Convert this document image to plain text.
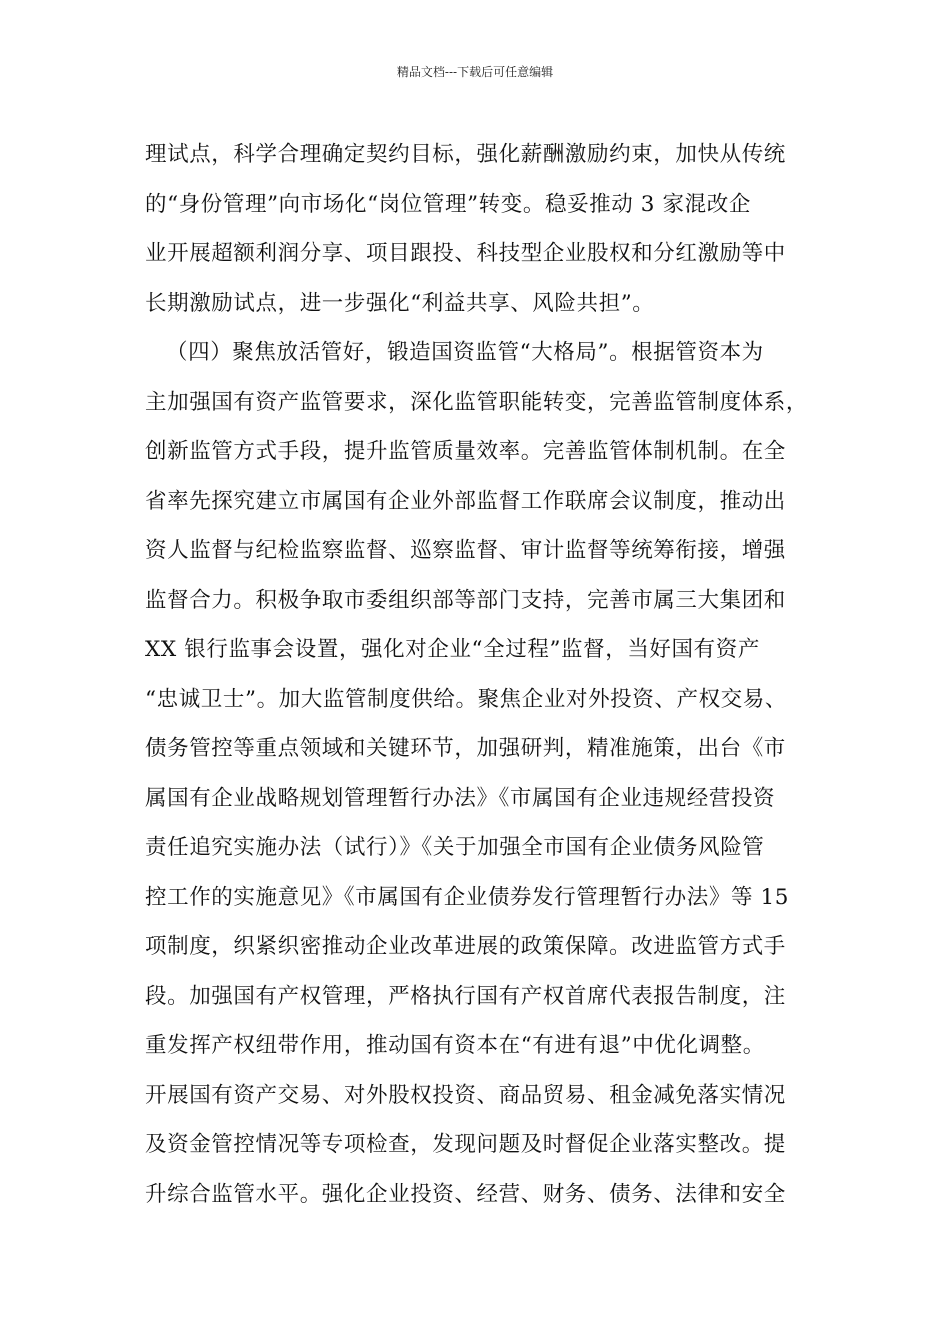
精品文档---下载后可任意编辑
理试点，科学合理确定契约目标，强化薪酬激励约束，加快从传统
的“身份管理”向市场化“岗位管理”转变。稳妥推动 3 家混改企
业开展超额利润分享、项目跟投、科技型企业股权和分红激励等中
长期激励试点，进一步强化“利益共享、风险共担”。
（四）聚焦放活管好，锻造国资监管“大格局”。根据管资本为
主加强国有资产监管要求，深化监管职能转变，完善监管制度体系，
创新监管方式手段，提升监管质量效率。完善监管体制机制。在全
省率先探究建立市属国有企业外部监督工作联席会议制度，推动出
资人监督与纪检监察监督、巡察监督、审计监督等统筹衔接，增强
监督合力。积极争取市委组织部等部门支持，完善市属三大集团和
XX 银行监事会设置，强化对企业“全过程”监督，当好国有资产
“忠诚卫士”。加大监管制度供给。聚焦企业对外投资、产权交易、
债务管控等重点领域和关键环节，加强研判，精准施策，出台《市
属国有企业战略规划管理暂行办法》《市属国有企业违规经营投资
责任追究实施办法（试行）》《关于加强全市国有企业债务风险管
控工作的实施意见》《市属国有企业债券发行管理暂行办法》等 15
项制度，织紧织密推动企业改革进展的政策保障。改进监管方式手
段。加强国有产权管理，严格执行国有产权首席代表报告制度，注
重发挥产权纽带作用，推动国有资本在“有进有退”中优化调整。
开展国有资产交易、对外股权投资、商品贸易、租金减免落实情况
及资金管控情况等专项检查，发现问题及时督促企业落实整改。提
升综合监管水平。强化企业投资、经营、财务、债务、法律和安全
